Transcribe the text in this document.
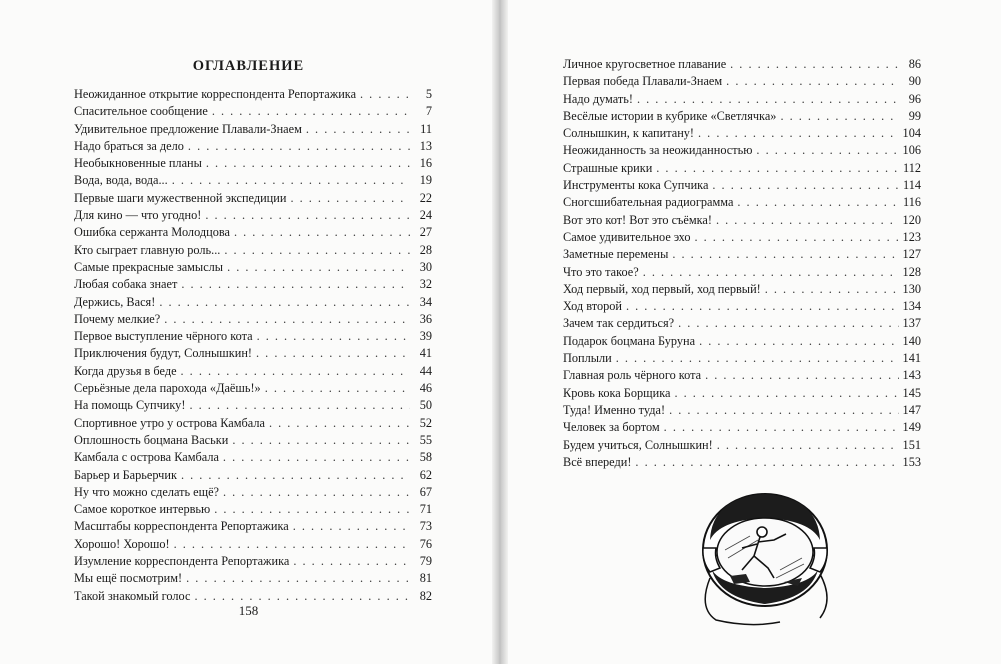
ОГЛАВЛЕНИЕ
Неожиданное открытие корреспондента Репортажика . . .	5
Спасительное сообщение . . .	7
Удивительное предложение Плавали-Знаем . . .	11
Надо браться за дело . . .	13
Необыкновенные планы . . .	16
Вода, вода, вода... . . .	19
Первые шаги мужественной экспедиции . . .	22
Для кино — что угодно! . . .	24
Ошибка сержанта Молодцова . . .	27
Кто сыграет главную роль... . . .	28
Самые прекрасные замыслы . . .	30
Любая собака знает . . .	32
Держись, Вася! . . .	34
Почему мелкие? . . .	36
Первое выступление чёрного кота . . .	39
Приключения будут, Солнышкин! . . .	41
Когда друзья в беде . . .	44
Серьёзные дела парохода «Даёшь!» . . .	46
На помощь Супчику! . . .	50
Спортивное утро у острова Камбала . . .	52
Оплошность боцмана Васьки . . .	55
Камбала с острова Камбала . . .	58
Барьер и Барьерчик . . .	62
Ну что можно сделать ещё? . . .	67
Самое короткое интервью . . .	71
Масштабы корреспондента Репортажика . . .	73
Хорошо! Хорошо! . . .	76
Изумление корреспондента Репортажика . . .	79
Мы ещё посмотрим! . . .	81
Такой знакомый голос . . .	82
158
Личное кругосветное плавание . . .	86
Первая победа Плавали-Знаем . . .	90
Надо думать! . . .	96
Весёлые истории в кубрике «Светлячка» . . .	99
Солнышкин, к капитану! . . .	104
Неожиданность за неожиданностью . . .	106
Страшные крики . . .	112
Инструменты кока Супчика . . .	114
Сногсшибательная радиограмма . . .	116
Вот это кот! Вот это съёмка! . . .	120
Самое удивительное эхо . . .	123
Заметные перемены . . .	127
Что это такое? . . .	128
Ход первый, ход первый, ход первый! . . .	130
Ход второй . . .	134
Зачем так сердиться? . . .	137
Подарок боцмана Буруна . . .	140
Поплыли . . .	141
Главная роль чёрного кота . . .	143
Кровь кока Борщика . . .	145
Туда! Именно туда! . . .	147
Человек за бортом . . .	149
Будем учиться, Солнышкин! . . .	151
Всё впереди! . . .	153
